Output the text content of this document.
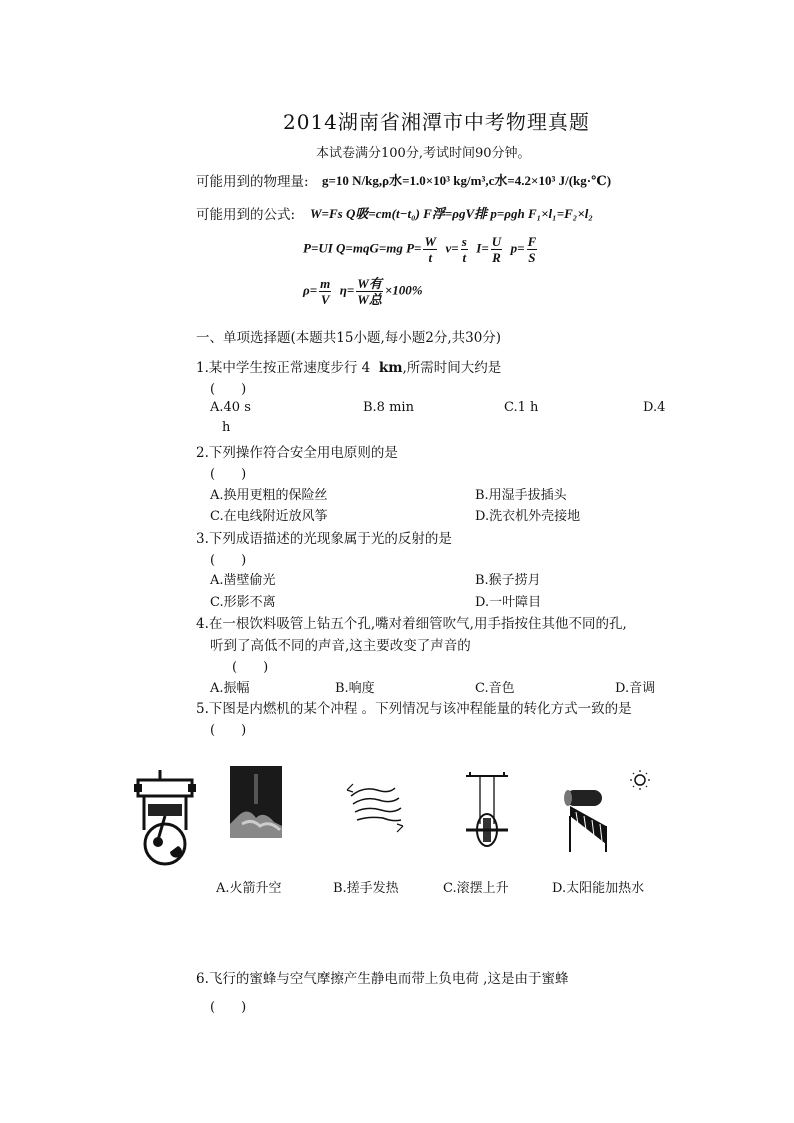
2014湖南省湘潭市中考物理真题
本试卷满分100分,考试时间90分钟。
可能用到的物理量: g=10 N/kg,ρ水=1.0×10³ kg/m³,c水=4.2×10³ J/(kg·℃)
可能用到的公式: W=Fs Q吸=cm(t−t₀) F浮=ρgV排 p=ρgh F₁×l₁=F₂×l₂
P=UI Q=mqG=mg $P= \frac{W}{t} v= \frac{s}{t} I= \frac{U}{R} p= \frac{F}{S}$
$\rho= \frac{m}{V} \eta= \frac{\text{W有}}{\text{W总}} \times 100\%$
一、单项选择题(本题共15小题,每小题2分,共30分)
1.某中学生按正常速度步行 4 km,所需时间大约是
(　　)
A.40 s	B.8 min	C.1 h	D.4
h
2.下列操作符合安全用电原则的是
(　　)
A.换用更粗的保险丝	B.用湿手拔插头
C.在电线附近放风筝	D.洗衣机外壳接地
3.下列成语描述的光现象属于光的反射的是
(　　)
A.凿壁偷光	B.猴子捞月
C.形影不离	D.一叶障目
4.在一根饮料吸管上钻五个孔,嘴对着细管吹气,用手指按住其他不同的孔,
听到了高低不同的声音,这主要改变了声音的
(　　)
A.振幅	B.响度	C.音色	D.音调
5.下图是内燃机的某个冲程 。下列情况与该冲程能量的转化方式一致的是
(　　)
A.火箭升空	B.搓手发热	C.滚摆上升	D.太阳能加热水
6.飞行的蜜蜂与空气摩擦产生静电而带上负电荷 ,这是由于蜜蜂
(　　)
